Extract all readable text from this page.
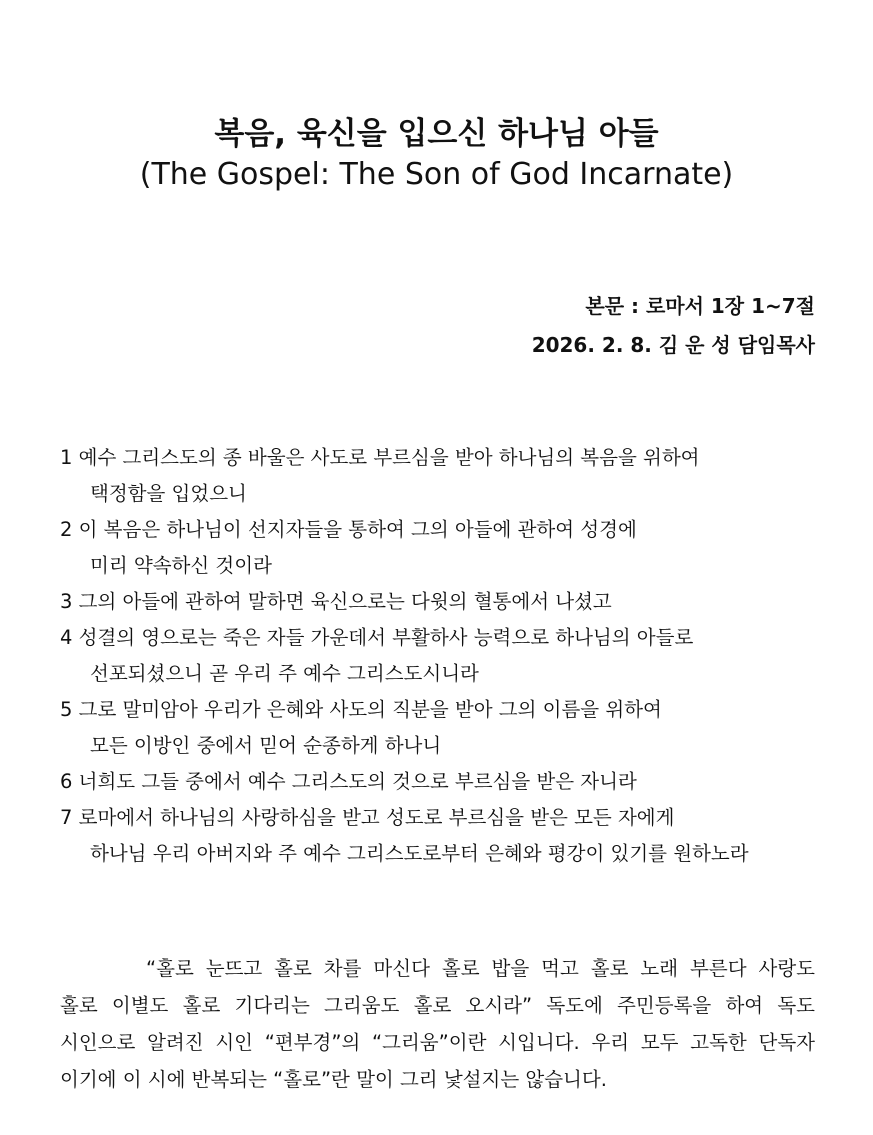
복음, 육신을 입으신 하나님 아들
(The Gospel: The Son of God Incarnate)
본문 : 로마서 1장 1~7절
2026. 2. 8. 김 운 성 담임목사
1 예수 그리스도의 종 바울은 사도로 부르심을 받아 하나님의 복음을 위하여
택정함을 입었으니
2 이 복음은 하나님이 선지자들을 통하여 그의 아들에 관하여 성경에
미리 약속하신 것이라
3 그의 아들에 관하여 말하면 육신으로는 다윗의 혈통에서 나셨고
4 성결의 영으로는 죽은 자들 가운데서 부활하사 능력으로 하나님의 아들로
선포되셨으니 곧 우리 주 예수 그리스도시니라
5 그로 말미암아 우리가 은혜와 사도의 직분을 받아 그의 이름을 위하여
모든 이방인 중에서 믿어 순종하게 하나니
6 너희도 그들 중에서 예수 그리스도의 것으로 부르심을 받은 자니라
7 로마에서 하나님의 사랑하심을 받고 성도로 부르심을 받은 모든 자에게
하나님 우리 아버지와 주 예수 그리스도로부터 은혜와 평강이 있기를 원하노라
“홀로 눈뜨고 홀로 차를 마신다 홀로 밥을 먹고 홀로 노래 부른다 사랑도
홀로 이별도 홀로 기다리는 그리움도 홀로 오시라” 독도에 주민등록을 하여 독도
시인으로 알려진 시인 “편부경”의 “그리움”이란 시입니다. 우리 모두 고독한 단독자
이기에 이 시에 반복되는 “홀로”란 말이 그리 낯설지는 않습니다.
